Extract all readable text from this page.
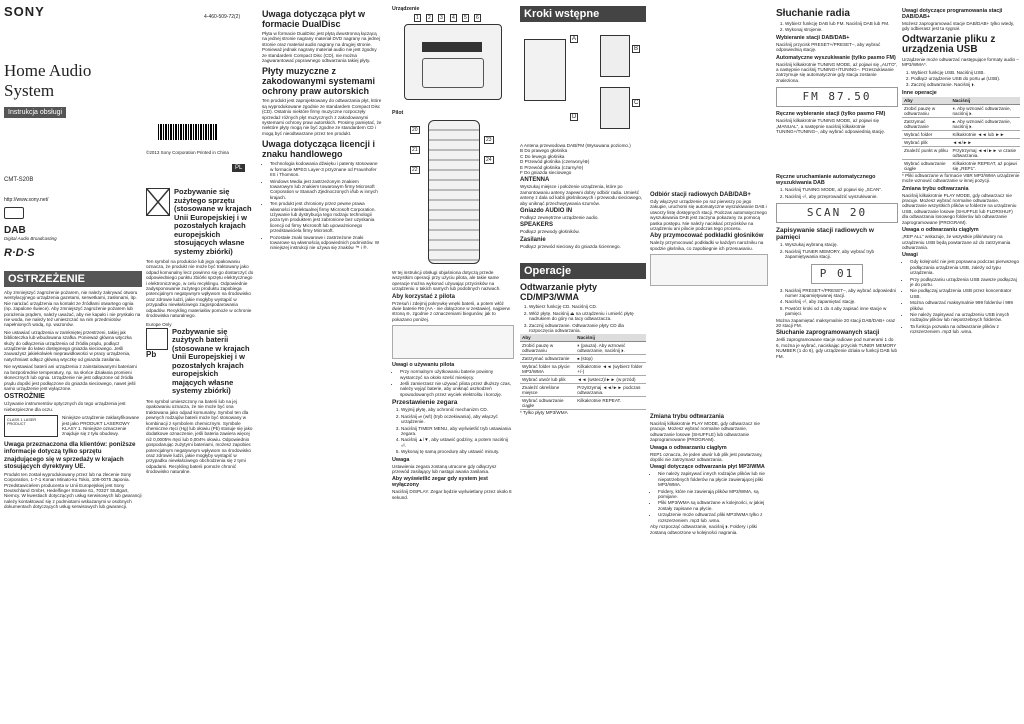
SONY	4-460-509-72(2)
Home Audio System
Instrukcja obsługi
CMT-S20B
http://www.sony.net/
DAB
Digital Audio Broadcasting
R·D·S
OSTRZEŻENIE

Aby zmniejszyć zagrożenie pożarem, nie należy zakrywać otworu wentylacyjnego urządzenia gazetami, serwetkami, zasłonami, itp. Nie narażać urządzenia na kontakt ze źródłami otwartego ognia (np. zapalone świece). Aby zmniejszyć zagrożenie pożarem lub porażenia prądem, należy uważać, aby nie kapało i nie pryskało na nie woda, nie należy też umieszczać na nim przedmiotów napełnionych wodą, np. wazonów.

Nie ustawiać urządzenia w zamkniętej przestrzeni, takiej jak biblioteczka lub wbudowana szafka. Ponieważ główna wtyczka służy do odłączenia urządzenia od źródła prądu, podłącz urządzenie do łatwo dostępnego gniazda sieciowego. Jeśli zauważysz jakiekolwiek nieprawidłowości w pracy urządzenia, natychmiast odłącz główną wtyczkę od gniazda zasilania.

Nie wystawiać baterii ani urządzenia z zainstalowanymi bateriami na bezpośrednie temperatury, np. na słońce działania promieni słonecznych lub ognia. Urządzenie nie jest odłączone od źródła prądu dopóki jest podłączone do gniazda sieciowego, nawet jeśli samo urządzenie jest wyłączone.

OSTROŻNIE
Używanie instrumentów optycznych do tego urządzenia jest niebezpieczne dla oczu.
CLASS 1 LASER PRODUCT
Niniejsze urządzenie zaklasyfikowane jest jako PRODUKT LASEROWY KLASY 1. Niniejsze oznaczenie znajduje się z tyłu obudowy.
Uwaga przeznaczona dla klientów: poniższe informacje dotyczą tylko sprzętu znajdującego się w sprzedaży w krajach stosujących dyrektywy UE.
Produkt ten został wyprodukowany przez lub na zlecenie Sony Corporation, 1-7-1 Konan Minato-ku Tokio, 108-0075 Japonia. Przedstawicielem producenta w Unii Europejskiej jest Sony Deutschland GmbH, Hedelfinger Strasse 61, 70327 Stuttgart, Niemcy. W kwestiach dotyczących usług serwisowych lub gwarancji należy kontaktować się z podmiotami wskazanymi w osobnych dokumentach dotyczących usług serwisowych lub gwarancji.
©2013 Sony Corporation Printed in China
PL
Pozbywanie się zużytego sprzętu (stosowane w krajach Unii Europejskiej i w pozostałych krajach europejskich stosujących własne systemy zbiórki)
Ten symbol na produkcie lub jego opakowaniu oznacza, że produkt nie może być traktowany jako odpad komunalny lecz powinno się go dostarczyć do odpowiedniego punktu zbiórki sprzętu elektrycznego i elektronicznego, w celu recyklingu. Odpowiednie zadysponowanie zużytego produktu zapobiega potencjalnym negatywnym wpływom na środowisko oraz zdrowie ludzi, jakie mogłyby wystąpić w przypadku niewłaściwego zagospodarowania odpadów. Recykling materiałów pomoże w ochronie środowiska naturalnego.
Europe Only
Pb
Pozbywanie się zużytych baterii (stosowane w krajach Unii Europejskiej i w pozostałych krajach europejskich mających własne systemy zbiórki)
Ten symbol umieszczony na baterii lub na jej opakowaniu oznacza, że nie może być ona traktowana jako odpad komunalny. Symbol ten dla pewnych rodzajów baterii może być stosowany w kombinacji z symbolem chemicznym. Symbole chemiczne rtęci (Hg) lub ołowiu (Pb) stosuje się jako dodatkowe oznaczenie, jeśli bateria zawiera więcej niż 0,0005% rtęci lub 0,004% ołowiu. Odpowiednio gospodarując zużytymi bateriami, możesz zapobiec potencjalnym negatywnym wpływom na środowisko oraz zdrowie ludzi, jakie mogłyby wystąpić w przypadku niewłaściwego obchodzenia się z tymi odpadami. Recykling baterii pomoże chronić środowisko naturalne.
Uwaga dotycząca płyt w formacie DualDisc
Płyta w formacie DualDisc jest płytą dwustronną łączącą na jednej stronie nagrany materiał DVD nagrany na jednej stronie oraz materiał audio nagrany na drugiej stronie. Ponieważ jednak nagrany materiał audio nie jest zgodny ze standardem Compact Disc (CD), nie można zagwarantować poprawnego odtwarzania takiej płyty.
Płyty muzyczne z zakodowanymi systemami ochrony praw autorskich
Ten produkt jest zaprojektowany do odtwarzania płyt, które są wyprodukowane zgodnie ze standardem Compact Disc (CD). Ostatnio niektóre firmy muzyczne rozpoczęły sprzedaż różnych płyt muzycznych z zakodowanymi systemami ochrony praw autorskich. Prosimy pamiętać, że niektóre płyty mogą nie być zgodne ze standardem CD i mogą być nieodtwarzane przez ten produkt.
Uwaga dotycząca licencji i znaku handlowego
• Technologia kodowania dźwięku i patenty stosowane w formacie MPEG Layer-3 przyznane od Fraunhofer IIS i Thomson.
• Windows Media jest zastrzeżonym znakiem towarowym lub znakiem towarowym firmy Microsoft Corporation w Stanach Zjednoczonych i/lub w innych krajach.
• Ten produkt jest chroniony przez pewne prawa własności intelektualnej firmy Microsoft Corporation. Używanie lub dystrybucja tego rodzaju technologii poza tym produktem jest zabronione bez uzyskania licencji od firmy Microsoft lub upoważnionego przedstawiciela firmy Microsoft.
• Pozostałe znaki towarowe i zastrzeżone znaki towarowe są własnością odpowiednich podmiotów. W niniejszej instrukcji nie używa się znaków ™ i ®.
Urządzenie
1	2	3	4	5	6
Pilot
20
21
22
23
24
W tej instrukcji obsługi objaśniona dotyczą przede wszystkim operacji przy użyciu pilota, ale takie same operacje można wykonać używając przycisków na urządzeniu o takich samych lub podobnych nazwach.
Aby korzystać z pilota
Przesuń i zdejmij pokrywkę wnęki baterii, a potem włóż dwie baterie R6 (AA - nie dołączone w zestawie), najpierw stroną ⊖, zgodnie z oznaczeniami biegunów, jak to pokazano poniżej.
Uwagi o używaniu pilota
• Przy normalnym użytkowaniu baterie powinny wystarczyć na około sześć miesięcy.
• Jeśli zamierzasz nie używać pilota przez dłuższy czas, należy wyjąć baterie, aby uniknąć uszkodzeń spowodowanych przez wyciek elektrolitu i korozję.
Przestawienie zegara
1. Wyjmij płytę, aby ochronić mechanizm CD.
2. Naciśnij ⏯ (w/t) (tryb oczekiwania), aby włączyć urządzenie.
3. Naciśnij TIMER MENU, aby wyświetlić tryb ustawiania zegara.
4. Naciśnij ▲/▼, aby ustawić godziny, a potem naciśnij ⏎.
5. Wykonaj tę samą procedurę aby ustawić minuty.
Uwaga
Ustawienia zegara zostaną utracone gdy odłączysz przewód zasilający lub nastąpi awaria zasilania.
Aby wyświetlić zegar gdy system jest wyłączony
Naciśnij DISPLAY. Zegar będzie wyświetlany przez około 8 sekund.
Kroki wstępne
A
B
C
D
A Antena przewodowa DAB/FM (Wysuwana poziomo.)
B Do prawego głośnika
C Do lewego głośnika
D Przewód głośnika (czerwony/⊕)
E Przewód głośnika (czarny/⊖)
F Do gniazda sieciowego
ANTENNA
Wyszukaj miejsce i położenie urządzenia, które po zamontowaniu anteny zapewni dobry odbiór radia. Umieść antenę z dala od kabli głośnikowych i przewodu sieciowego, aby uniknąć przechwytywania szumów.
Gniazdo AUDIO IN
Podłącz zewnętrzne urządzenie audio.
SPEAKERS
Podłącz przewody głośników.
Zasilanie
Podłącz przewód sieciowy do gniazda ściennego.
Operacje
Odtwarzanie płyty CD/MP3/WMA
1. Wybierz funkcję CD. Naciśnij CD.
2. Włóż płytę. Naciśnij ⏏ na urządzeniu i umieść płytę nadrukiem do góry na tacy odtwarzacza.
3. Zacznij odtwarzanie. Odtwarzanie płyty CD dla rozpoczęcia odtwarzania.
Aby	Naciśnij
Zrobić pauzę w odtwarzaniu	⏸ (pauza). Aby wznowić odtwarzanie, naciśnij ⏵.
Zatrzymać odtwarzanie	⏹ (stop)
Wybrać folder na płycie MP3/WMA	Kilkakrotnie ◄◄ (wybierz folder +/-)
Wybrać utwór lub plik	◄◄ (wstecz)/►► (w przód)
Znaleźć określone miejsce	Przytrzymaj ◄◄/►► podczas odtwarzania.
Wybrać odtwarzanie ciągłe	Kilkakrotnie REPEAT.
* Tylko płyty MP3/WMA
Zmiana trybu odtwarzania
Naciśnij kilkakrotnie PLAY MODE, gdy odtwarzacz nie pracuje. Możesz wybrać normalne odtwarzanie, odtwarzanie losowe (SHUFFLE) lub odtwarzanie zaprogramowane (PROGRAM).
Uwaga o odtwarzaniu ciągłym
REP1 oznacza, że jeden utwór lub plik jest powtarzany, dopóki nie zatrzymasz odtwarzania.
Uwagi dotyczące odtwarzania płyt MP3/WMA
• Nie należy zapisywać innych rodzajów plików lub nie niepotrzebnych folderów na płycie zawierającej pliki MP3/WMA.
• Foldery, które nie zawierają plików MP3/WMA, są pomijane.
• Pliki MP3/WMA są odtwarzane w kolejności, w jakiej zostały zapisane na płycie.
• Urządzenie może odtwarzać pliki MP3/WMA tylko z rozszerzeniem .mp3 lub .wma.
Aby rozpocząć odtwarzanie, naciśnij ⏵. Foldery i pliki zostaną odtworzone w kolejności nagrania.
Odbiór stacji radiowych DAB/DAB+
Gdy włączysz urządzenie po raz pierwszy po jego zakupie, uruchomi się automatyczne wyszukiwanie DAB i utworzy listę dostępnych stacji. Podczas automatycznego wyszukiwania DAB jest zaczyna pokazany za pomocą paska postępu. Nie należy naciskać przycisków na urządzeniu ani pilocie podczas tego procesu.
Aby przymocować podkładki głośników
Należy przymocować podkładki w każdym narożniku na spodzie głośnika, co zapobiegnie ich przesuwaniu.
Słuchanie radia
1. Wybierz funkcję DAB lub FM. Naciśnij DAB lub FM.
2. Wykonaj strojenie.
Wybieranie stacji DAB/DAB+
Naciśnij przycisk PRESET+/PRESET–, aby wybrać odpowiednią stację.
Automatyczne wyszukiwanie (tylko pasmo FM)
Naciśnij kilkakrotnie TUNING MODE, aż pojawi się „AUTO”, a następnie naciśnij TUNING+/TUNING–. Przeszukiwanie zatrzymuje się automatycznie gdy stacja zostanie znaleziona.
FM 87.50
Ręczne wybieranie stacji (tylko pasmo FM)
Naciśnij kilkakrotnie TUNING MODE, aż pojawi się „MANUAL”, a następnie naciśnij kilkakrotnie TUNING+/TUNING–, aby wybrać odpowiednią stację.
Ręczne uruchamianie automatycznego wyszukiwania DAB
1. Naciśnij TUNING MODE, aż pojawi się „SCAN”.
2. Naciśnij ⏎, aby przeprowadzić wyszukiwanie.
SCAN 20
Zapisywanie stacji radiowych w pamięci
1. Wyszukaj wybraną stację.
2. Naciśnij TUNER MEMORY, aby wybrać tryb zapamiętywania stacji.
P 01
3. Naciśnij PRESET+/PRESET–, aby wybrać odpowiedni numer zapamiętywanej stacji.
4. Naciśnij ⏎, aby zapamiętać stację.
5. Powtórz kroki od 1 do 4 aby zapisać inne stacje w pamięci.
Można zapamiętać maksymalnie 20 stacji DAB/DAB+ oraz 20 stacji FM.
Słuchanie zaprogramowanych stacji
Jeśli zaprogramowane stacje radiowe pod numerami 1 do 6, można je wybrać, naciskając przycisk TUNER MEMORY NUMBER (1 do 6), gdy urządzenie działa w funkcji DAB lub FM.
Uwagi dotyczące programowania stacji DAB/DAB+
Możesz zaprogramować stacje DAB/DAB+ tylko wtedy, gdy odbierasz jest ta sygnał.
Odtwarzanie pliku z urządzenia USB
Urządzenie może odtwarzać następujące formaty audio – MP3/WMA*.
1. Wybierz funkcję USB. Naciśnij USB.
2. Podłącz urządzenie USB do portu ⇌ (USB).
3. Zacznij odtwarzanie. Naciśnij ⏵.
Inne operacje
Aby	Naciśnij
Zrobić pauzę w odtwarzaniu	⏸. Aby wznowić odtwarzanie, naciśnij ⏵.
Zatrzymać odtwarzanie	⏹. Aby wznowić odtwarzanie, naciśnij ⏵.
Wybrać folder	Kilkakrotnie ◄◄ lub ►►
Wybrać plik	◄◄/►►
Znaleźć punkt w pliku	Przytrzymaj ◄◄/►► w czasie odtwarzania.
Wybrać odtwarzanie ciągłe	Kilkakrotnie REPEAT, aż pojawi się „REP1”.
* Pliki odtwarzane w formacie VBR MP3/WMA urządzenie może wznowić odtwarzanie w innej pozycji.
Zmiana trybu odtwarzania
Naciśnij kilkakrotnie PLAY MODE, gdy odtwarzacz nie pracuje. Możesz wybrać normalne odtwarzanie, odtwarzanie wszystkich plików w folderze na urządzeniu USB, odtwarzanie losowe (SHUFFLE lub FLDRSHUF) dla odtwarzania losowego folderów lub odtwarzanie zaprogramowane (PROGRAM).
Uwaga o odtwarzaniu ciągłym
„REP ALL” wskazuje, że wszystkie pliki/utwory na urządzeniu USB będą powtarzane aż do zatrzymania odtwarzania.
Uwagi
• Gdy kolejność nie jest poprawna podczas pierwszego podłączania urządzenia USB, zależy od typu urządzenia.
• Przy podłączaniu urządzenia USB zawsze podłączaj je do portu.
• Nie podłączaj urządzenia USB przez koncentrator USB.
• Można odtwarzać maksymalnie 999 folderów i 999 plików.
• Nie należy zapisywać na urządzeniu USB innych rodzajów plików lub niepotrzebnych folderów.
• Ta funkcja pozwala na odtwarzanie plików z rozszerzeniem .mp3 lub .wma.
